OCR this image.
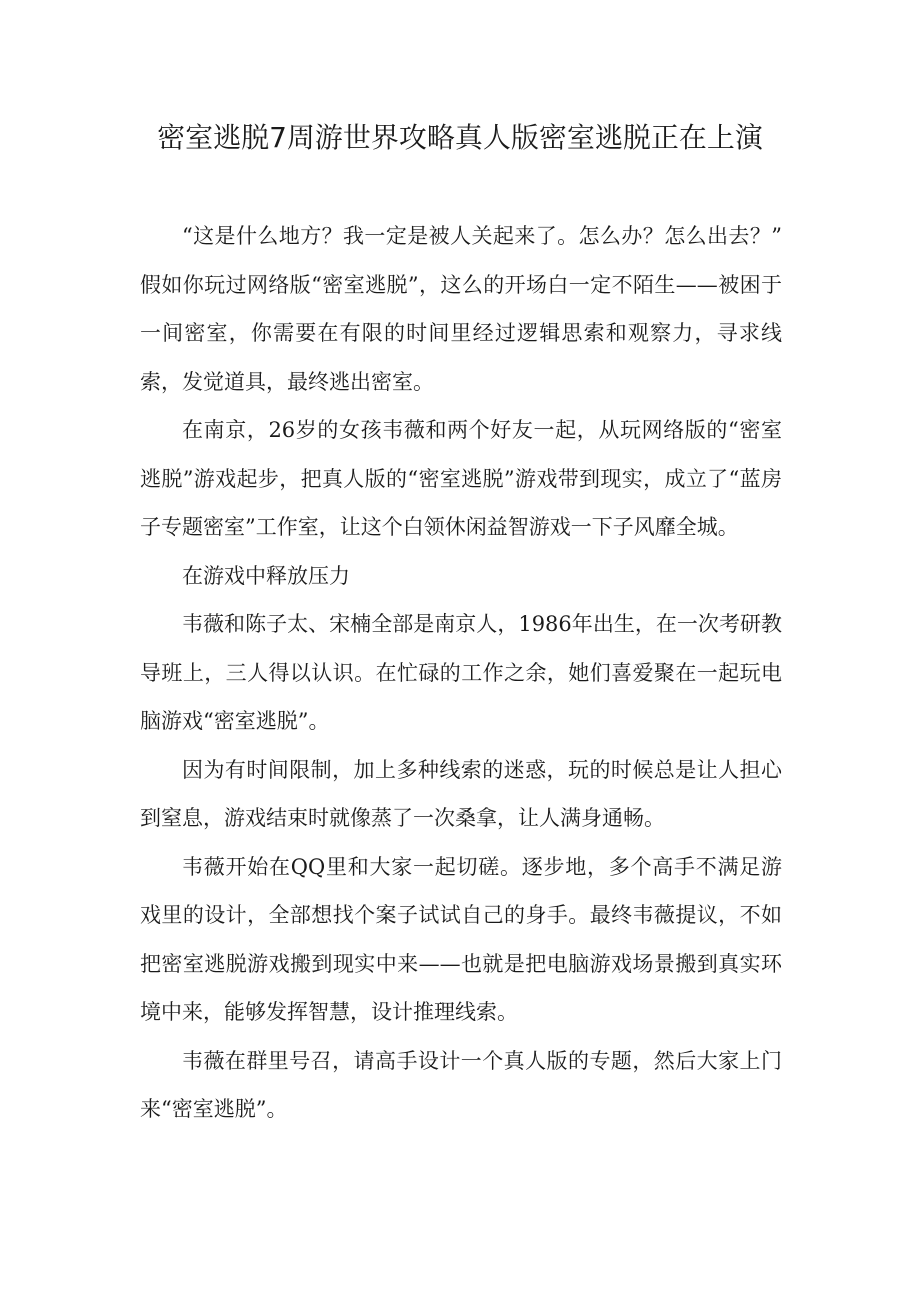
密室逃脱7周游世界攻略真人版密室逃脱正在上演

“这是什么地方？我一定是被人关起来了。怎么办？怎么出去？”　　假如你玩过网络版“密室逃脱”，这么的开场白一定不陌生——被困于一间密室，你需要在有限的时间里经过逻辑思索和观察力，寻求线索，发觉道具，最终逃出密室。

在南京，26岁的女孩韦薇和两个好友一起，从玩网络版的“密室逃脱”游戏起步，把真人版的“密室逃脱”游戏带到现实，成立了“蓝房子专题密室”工作室，让这个白领休闲益智游戏一下子风靡全城。

在游戏中释放压力

韦薇和陈子太、宋楠全部是南京人，1986年出生，在一次考研教导班上，三人得以认识。在忙碌的工作之余，她们喜爱聚在一起玩电脑游戏“密室逃脱”。

因为有时间限制，加上多种线索的迷惑，玩的时候总是让人担心到窒息，游戏结束时就像蒸了一次桑拿，让人满身通畅。

韦薇开始在QQ里和大家一起切磋。逐步地，多个高手不满足游戏里的设计，全部想找个案子试试自己的身手。最终韦薇提议，不如把密室逃脱游戏搬到现实中来——也就是把电脑游戏场景搬到真实环境中来，能够发挥智慧，设计推理线索。

韦薇在群里号召，请高手设计一个真人版的专题，然后大家上门来“密室逃脱”。
